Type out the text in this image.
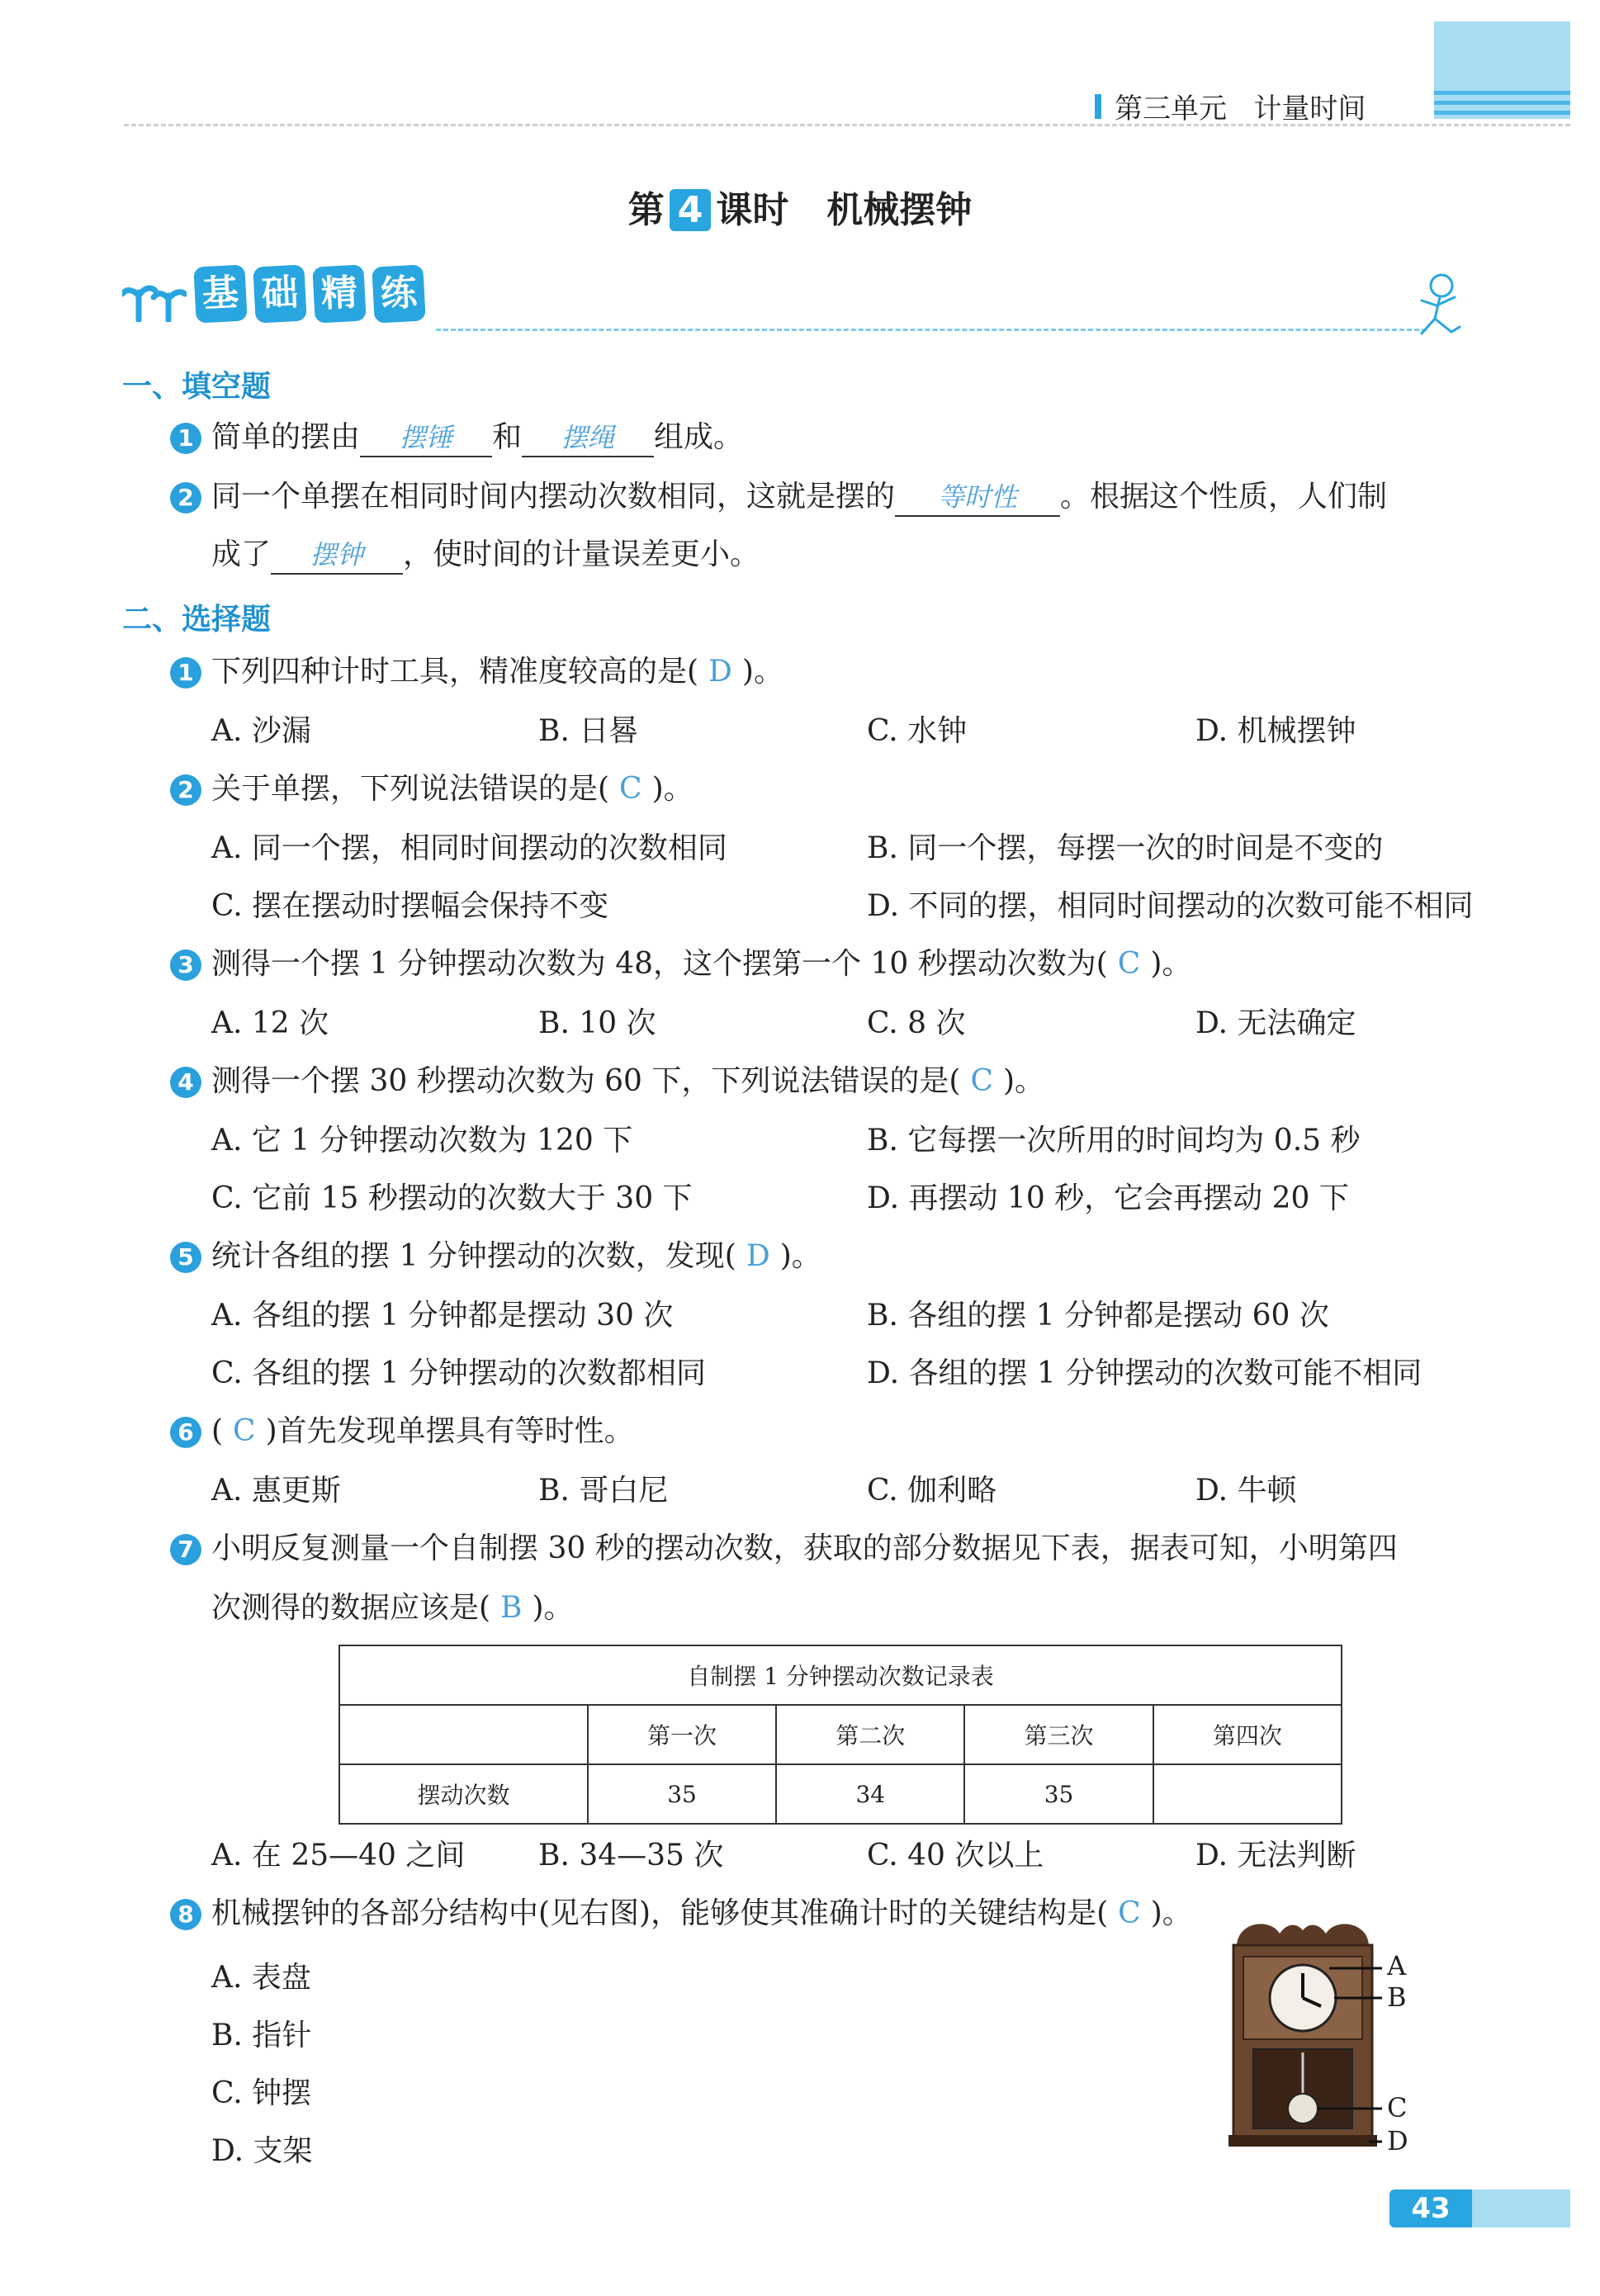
第三单元 计量时间
第 4 课时 机械摆钟
基 础 精 练
一、填空题
1 简单的摆由 摆锤 和 摆绳 组成。
2 同一个单摆在相同时间内摆动次数相同，这就是摆的 等时性 。根据这个性质，人们制
成了 摆钟 ，使时间的计量误差更小。
二、选择题
1 下列四种计时工具，精准度较高的是( D )。
A. 沙漏	B. 日晷	C. 水钟	D. 机械摆钟
2 关于单摆，下列说法错误的是( C )。
A. 同一个摆，相同时间摆动的次数相同	B. 同一个摆，每摆一次的时间是不变的
C. 摆在摆动时摆幅会保持不变	D. 不同的摆，相同时间摆动的次数可能不相同
3 测得一个摆 1 分钟摆动次数为 48，这个摆第一个 10 秒摆动次数为( C )。
A. 12 次	B. 10 次	C. 8 次	D. 无法确定
4 测得一个摆 30 秒摆动次数为 60 下，下列说法错误的是( C )。
A. 它 1 分钟摆动次数为 120 下	B. 它每摆一次所用的时间均为 0.5 秒
C. 它前 15 秒摆动的次数大于 30 下	D. 再摆动 10 秒，它会再摆动 20 下
5 统计各组的摆 1 分钟摆动的次数，发现( D )。
A. 各组的摆 1 分钟都是摆动 30 次	B. 各组的摆 1 分钟都是摆动 60 次
C. 各组的摆 1 分钟摆动的次数都相同	D. 各组的摆 1 分钟摆动的次数可能不相同
6 ( C )首先发现单摆具有等时性。
A. 惠更斯	B. 哥白尼	C. 伽利略	D. 牛顿
7 小明反复测量一个自制摆 30 秒的摆动次数，获取的部分数据见下表，据表可知，小明第四
次测得的数据应该是( B )。
自制摆 1 分钟摆动次数记录表				
	第一次	第二次	第三次	第四次
摆动次数	35	34	35	
A. 在 25—40 之间 B. 34—35 次	C. 40 次以上	D. 无法判断
8 机械摆钟的各部分结构中(见右图)，能够使其准确计时的关键结构是( C )。
A. 表盘
B. 指针
C. 钟摆
D. 支架
A
B
C
D
43
